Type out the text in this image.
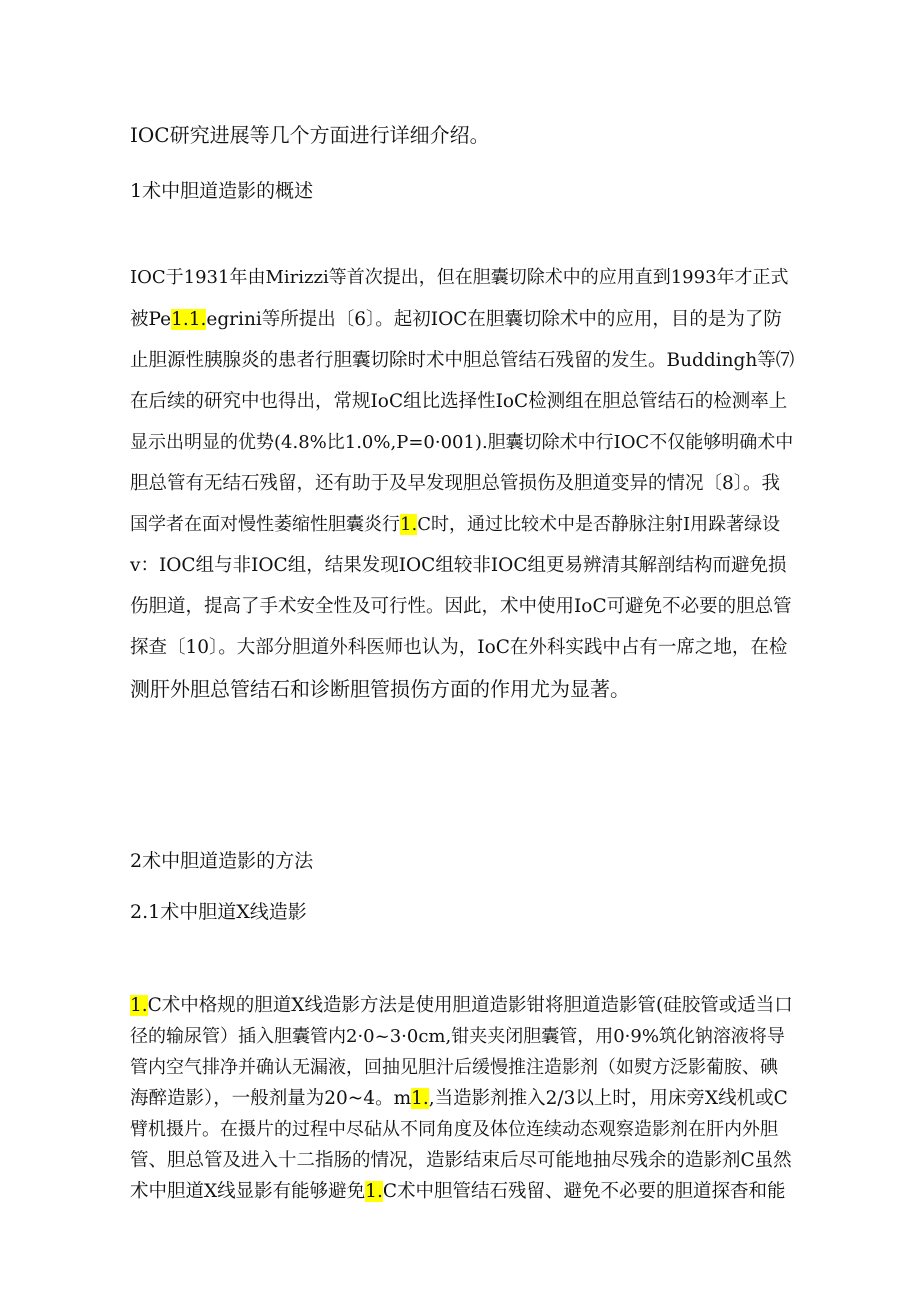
IOC研究进展等几个方面进行详细介绍。
1术中胆道造影的概述
IOC于1931年由Mirizzi等首次提出，但在胆囊切除术中的应用直到1993年才正式
被Pe1.1.egrini等所提出〔6〕。起初IOC在胆囊切除术中的应用，目的是为了防
止胆源性胰腺炎的患者行胆囊切除时术中胆总管结石残留的发生。Buddingh等⑺
在后续的研究中也得出，常规IoC组比选择性IoC检测组在胆总管结石的检测率上
显示出明显的优势(4.8%比1.0%,P=0·001).胆囊切除术中行IOC不仅能够明确术中
胆总管有无结石残留，还有助于及早发现胆总管损伤及胆道变异的情况〔8〕。我
国学者在面对慢性萎缩性胆囊炎行1.C时，通过比较术中是否静脉注射I用跺著绿设
v：IOC组与非IOC组，结果发现IOC组较非IOC组更易辨清其解剖结构而避免损
伤胆道，提高了手术安全性及可行性。因此，术中使用IoC可避免不必要的胆总管
探查〔10〕。大部分胆道外科医师也认为，IoC在外科实践中占有一席之地，在检
测肝外胆总管结石和诊断胆管损伤方面的作用尤为显著。
2术中胆道造影的方法
2.1术中胆道X线造影
1.C术中格规的胆道X线造影方法是使用胆道造影钳将胆道造影管(硅胶管或适当口
径的输尿管）插入胆囊管内2·0~3·0cm,钳夹夹闭胆囊管，用0·9%筑化钠溶液将导
管内空气排净并确认无漏液，回抽见胆汁后缓慢推注造影剂（如熨方泛影葡胺、碘
海醉造影），一般剂量为20~4。m1.,当造影剂推入2/3以上时，用床旁X线机或C
臂机摄片。在摄片的过程中尽砧从不同角度及体位连续动态观察造影剂在肝内外胆
管、胆总管及进入十二指肠的情况，造影结束后尽可能地抽尽残余的造影剂C虽然
术中胆道X线显影有能够避免1.C术中胆管结石残留、避免不必要的胆道探杳和能
